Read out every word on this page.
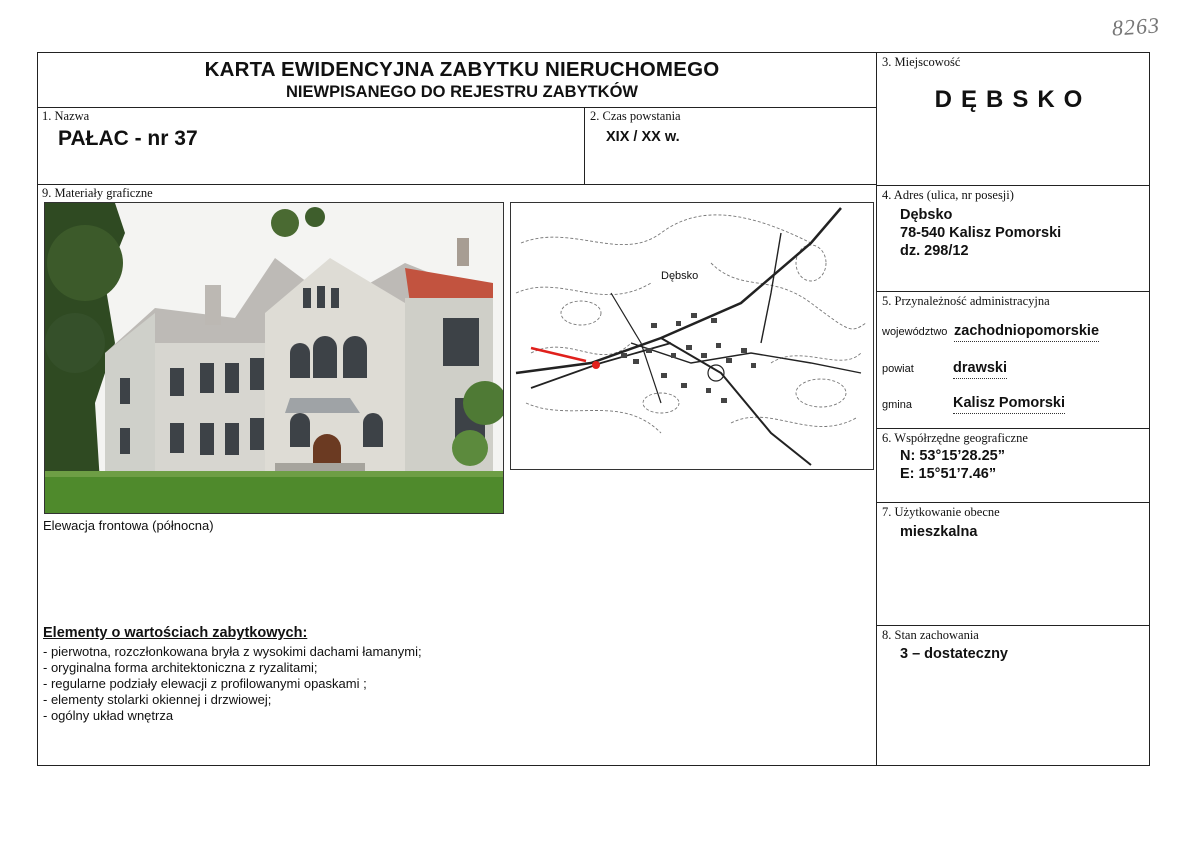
8263
KARTA EWIDENCYJNA ZABYTKU NIERUCHOMEGO
NIEWPISANEGO DO REJESTRU ZABYTKÓW
1. Nazwa
PAŁAC - nr 37
2. Czas powstania
XIX / XX w.
3. Miejscowość
DĘBSKO
4. Adres (ulica, nr posesji)
Dębsko
78-540 Kalisz Pomorski
dz. 298/12
5. Przynależność administracyjna
województwo zachodniopomorskie
powiat	drawski
gmina	Kalisz Pomorski
6. Współrzędne geograficzne
N: 53°15’28.25”
E: 15°51’7.46”
7. Użytkowanie obecne
mieszkalna
8. Stan zachowania
3 – dostateczny
9. Materiały graficzne
Elewacja frontowa (północna)
Dębsko
Elementy o wartościach zabytkowych:
- pierwotna, rozczłonkowana bryła z wysokimi dachami łamanymi;
- oryginalna forma architektoniczna z ryzalitami;
- regularne podziały elewacji z profilowanymi opaskami ;
- elementy stolarki okiennej i drzwiowej;
- ogólny układ wnętrza
